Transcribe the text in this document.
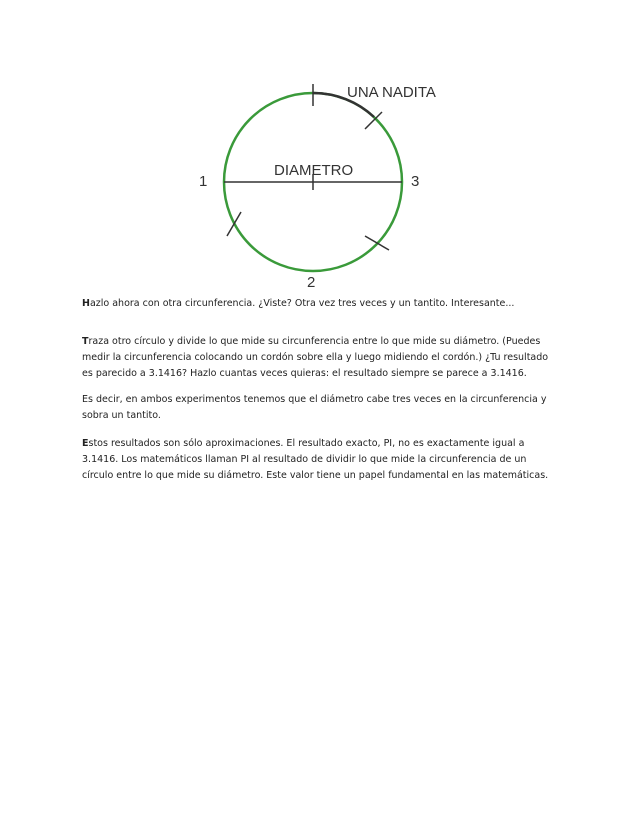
UNA NADITA
DIAMETRO
1	3
2

Hazlo ahora con otra circunferencia. ¿Viste? Otra vez tres veces y un tantito. Interesante...

Traza otro círculo y divide lo que mide su circunferencia entre lo que mide su diámetro. (Puedes medir la circunferencia colocando un cordón sobre ella y luego midiendo el cordón.) ¿Tu resultado es parecido a 3.1416? Hazlo cuantas veces quieras: el resultado siempre se parece a 3.1416.

Es decir, en ambos experimentos tenemos que el diámetro cabe tres veces en la circunferencia y sobra un tantito.

Estos resultados son sólo aproximaciones. El resultado exacto, PI, no es exactamente igual a 3.1416. Los matemáticos llaman PI al resultado de dividir lo que mide la circunferencia de un círculo entre lo que mide su diámetro. Este valor tiene un papel fundamental en las matemáticas.
